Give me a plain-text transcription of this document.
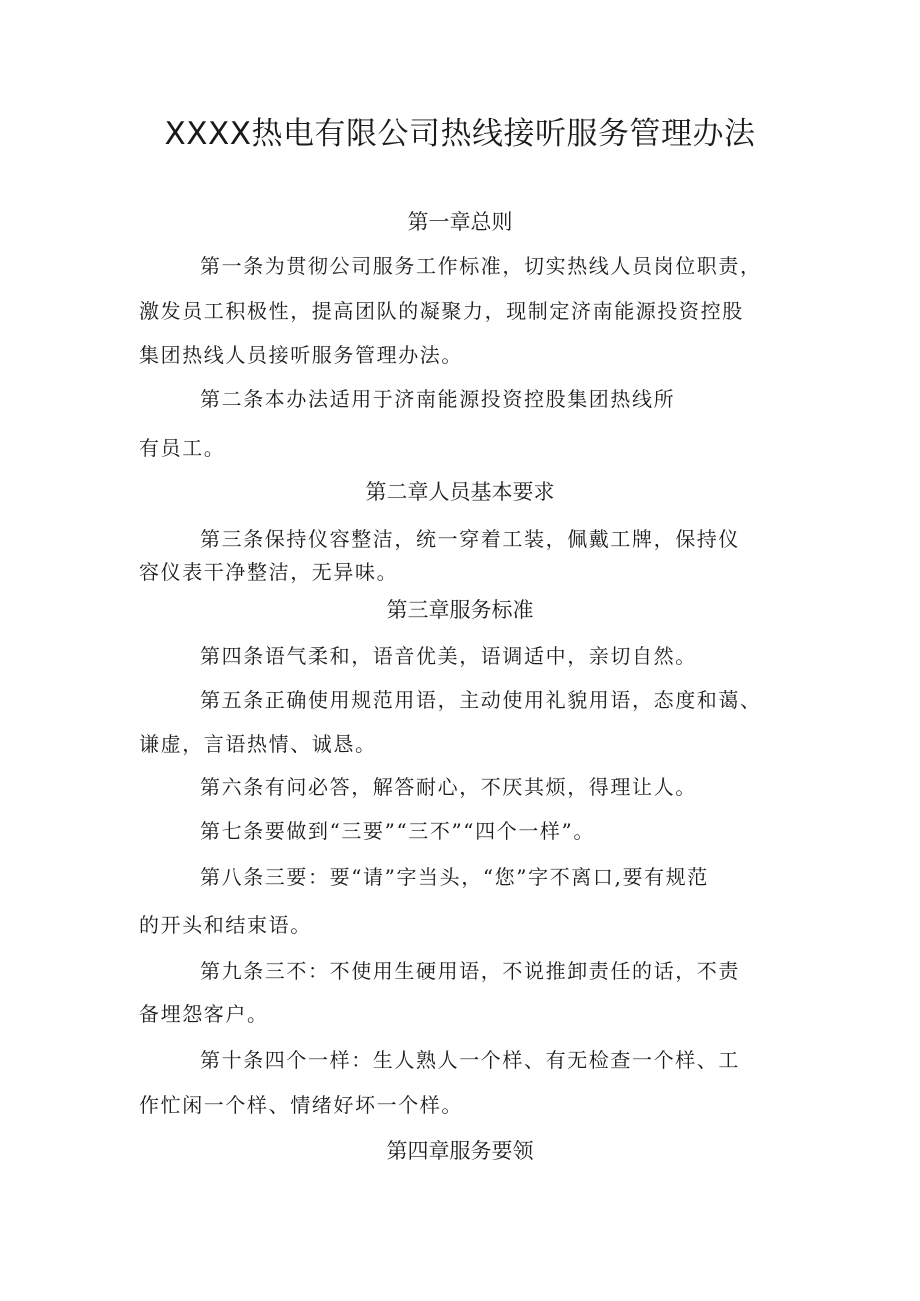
XXXX热电有限公司热线接听服务管理办法
第一章总则

第一条为贯彻公司服务工作标准，切实热线人员岗位职责，

激发员工积极性，提高团队的凝聚力，现制定济南能源投资控股

集团热线人员接听服务管理办法。

第二条本办法适用于济南能源投资控股集团热线所

有员工。

第二章人员基本要求

第三条保持仪容整洁，统一穿着工装，佩戴工牌，保持仪

容仪表干净整洁，无异味。

第三章服务标准

第四条语气柔和，语音优美，语调适中，亲切自然。

第五条正确使用规范用语，主动使用礼貌用语，态度和蔼、

谦虚，言语热情、诚恳。

第六条有问必答，解答耐心，不厌其烦，得理让人。

第七条要做到“三要”“三不”“四个一样”。

第八条三要：要“请”字当头，“您”字不离口,要有规范

的开头和结束语。

第九条三不：不使用生硬用语，不说推卸责任的话，不责

备埋怨客户。

第十条四个一样：生人熟人一个样、有无检查一个样、工

作忙闲一个样、情绪好坏一个样。

第四章服务要领
